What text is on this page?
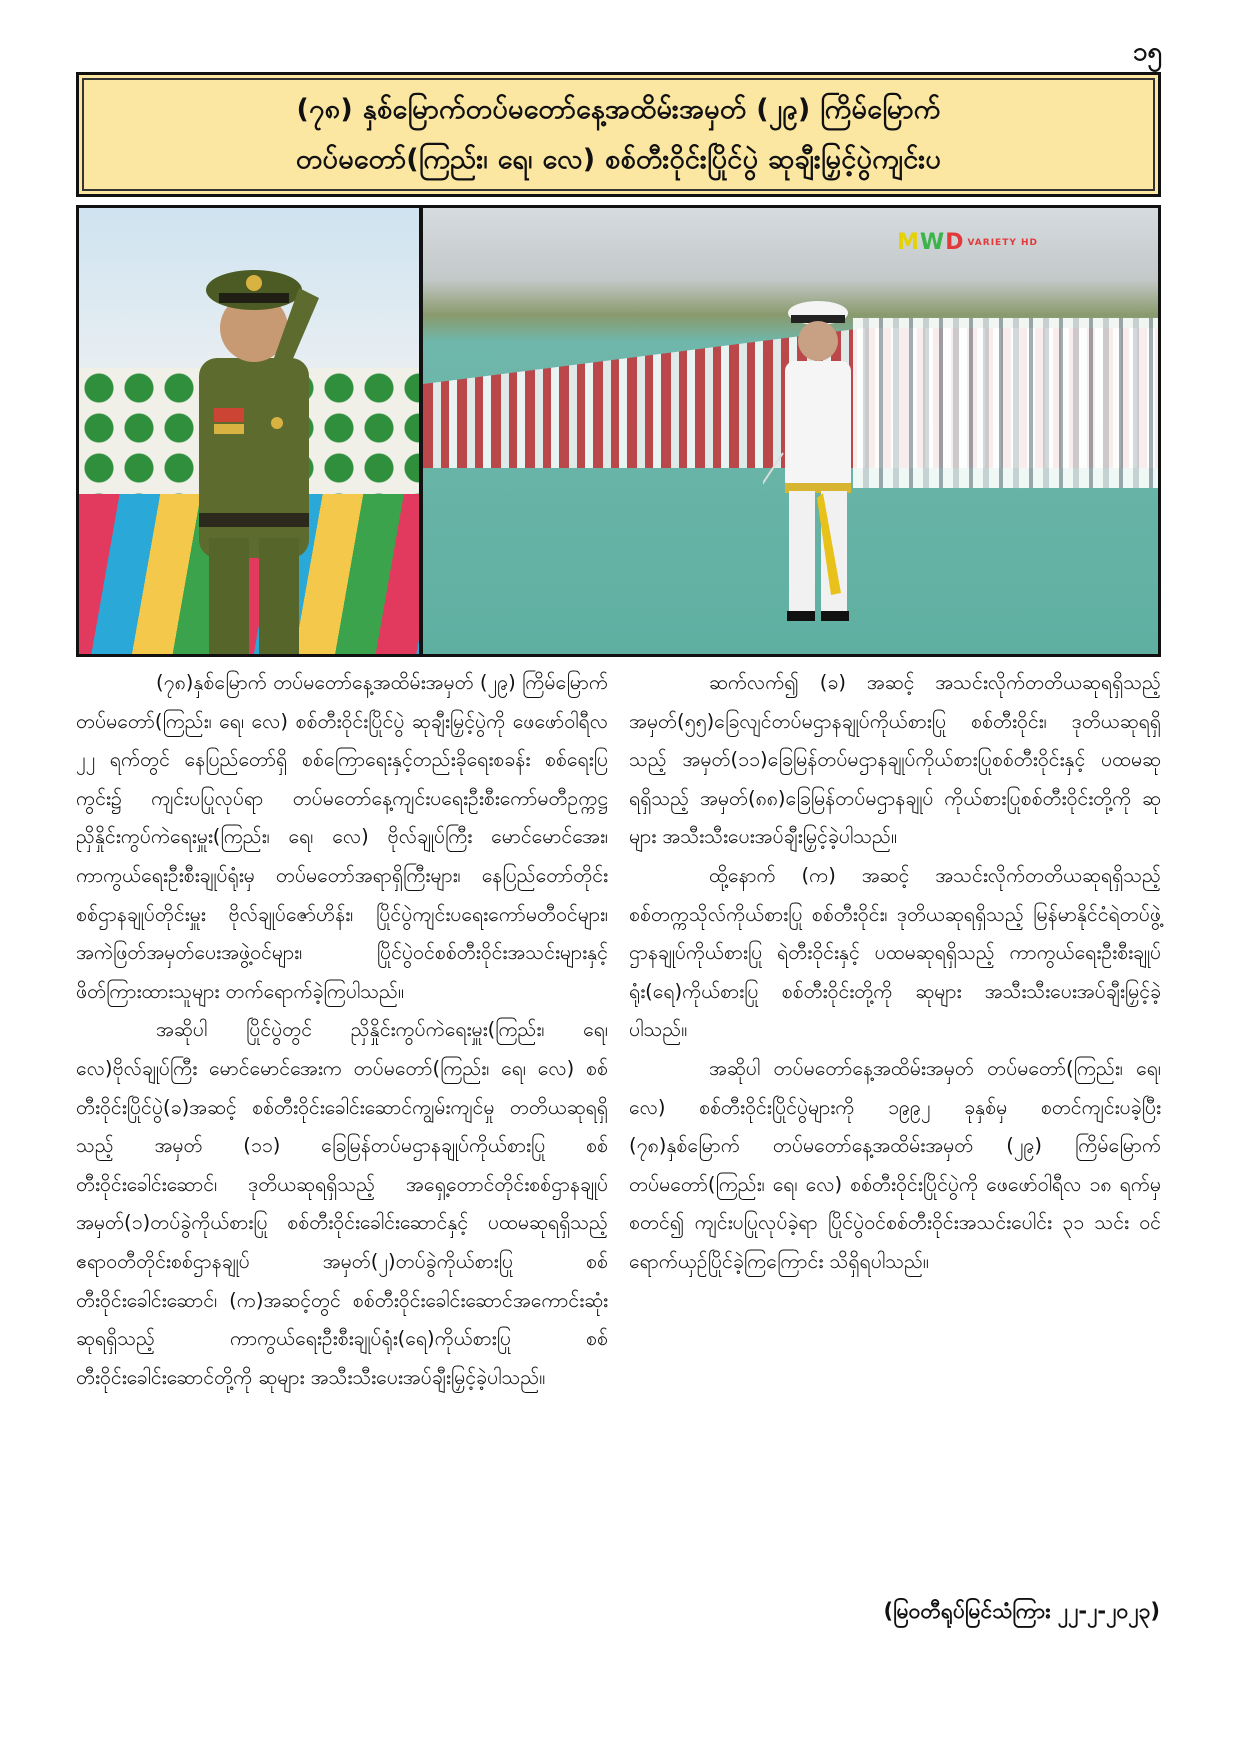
၁၅
(၇၈) နှစ်မြောက်တပ်မတော်နေ့အထိမ်းအမှတ် (၂၉) ကြိမ်မြောက်
တပ်မတော်(ကြည်း၊ ရေ၊ လေ) စစ်တီးဝိုင်းပြိုင်ပွဲ ဆုချီးမြှင့်ပွဲကျင်းပ
MWD VARIETY HD

(၇၈)နှစ်မြောက် တပ်မတော်နေ့အထိမ်းအမှတ် (၂၉) ကြိမ်မြောက် တပ်မတော်(ကြည်း၊ ရေ၊ လေ) စစ်တီးဝိုင်းပြိုင်ပွဲ ဆုချီးမြှင့်ပွဲကို ဖေဖော်ဝါရီလ ၂၂ ရက်တွင် နေပြည်တော်ရှိ စစ်ကြောရေးနှင့်တည်းခိုရေးစခန်း စစ်ရေးပြကွင်း၌ ကျင်းပပြုလုပ်ရာ တပ်မတော်နေ့ကျင်းပရေးဦးစီးကော်မတီဥက္ကဋ္ဌ ညှိနှိုင်းကွပ်ကဲရေးမှူး(ကြည်း၊ ရေ၊ လေ) ဗိုလ်ချုပ်ကြီး မောင်မောင်အေး၊ ကာကွယ်ရေးဦးစီးချုပ်ရုံးမှ တပ်မတော်အရာရှိကြီးများ၊ နေပြည်တော်တိုင်းစစ်ဌာနချုပ်တိုင်းမှူး ဗိုလ်ချုပ်ဇော်ဟိန်း၊ ပြိုင်ပွဲကျင်းပရေးကော်မတီဝင်များ၊ အကဲဖြတ်အမှတ်ပေးအဖွဲ့ဝင်များ၊ ပြိုင်ပွဲဝင်စစ်တီးဝိုင်းအသင်းများနှင့် ဖိတ်ကြားထားသူများ တက်ရောက်ခဲ့ကြပါသည်။

အဆိုပါ ပြိုင်ပွဲတွင် ညှိနှိုင်းကွပ်ကဲရေးမှူး(ကြည်း၊ ရေ၊ လေ)ဗိုလ်ချုပ်ကြီး မောင်မောင်အေးက တပ်မတော်(ကြည်း၊ ရေ၊ လေ) စစ်တီးဝိုင်းပြိုင်ပွဲ(ခ)အဆင့် စစ်တီးဝိုင်းခေါင်းဆောင်ကျွမ်းကျင်မှု တတိယဆုရရှိသည့် အမှတ် (၁၁) ခြေမြန်တပ်မဌာနချုပ်ကိုယ်စားပြု စစ်တီးဝိုင်းခေါင်းဆောင်၊ ဒုတိယဆုရရှိသည့် အရှေ့တောင်တိုင်းစစ်ဌာနချုပ် အမှတ်(၁)တပ်ခွဲကိုယ်စားပြု စစ်တီးဝိုင်းခေါင်းဆောင်နှင့် ပထမဆုရရှိသည့် ဧရာဝတီတိုင်းစစ်ဌာနချုပ် အမှတ်(၂)တပ်ခွဲကိုယ်စားပြု စစ်တီးဝိုင်းခေါင်းဆောင်၊ (က)အဆင့်တွင် စစ်တီးဝိုင်းခေါင်းဆောင်အကောင်းဆုံးဆုရရှိသည့် ကာကွယ်ရေးဦးစီးချုပ်ရုံး(ရေ)ကိုယ်စားပြု စစ်တီးဝိုင်းခေါင်းဆောင်တို့ကို ဆုများ အသီးသီးပေးအပ်ချီးမြှင့်ခဲ့ပါသည်။

ဆက်လက်၍ (ခ) အဆင့် အသင်းလိုက်တတိယဆုရရှိသည့် အမှတ်(၅၅)ခြေလျင်တပ်မဌာနချုပ်ကိုယ်စားပြု စစ်တီးဝိုင်း၊ ဒုတိယဆုရရှိသည့် အမှတ်(၁၁)ခြေမြန်တပ်မဌာနချုပ်ကိုယ်စားပြုစစ်တီးဝိုင်းနှင့် ပထမဆုရရှိသည့် အမှတ်(၈၈)ခြေမြန်တပ်မဌာနချုပ် ကိုယ်စားပြုစစ်တီးဝိုင်းတို့ကို ဆုများ အသီးသီးပေးအပ်ချီးမြှင့်ခဲ့ပါသည်။

ထို့နောက် (က) အဆင့် အသင်းလိုက်တတိယဆုရရှိသည့် စစ်တက္ကသိုလ်ကိုယ်စားပြု စစ်တီးဝိုင်း၊ ဒုတိယဆုရရှိသည့် မြန်မာနိုင်ငံရဲတပ်ဖွဲ့ဌာနချုပ်ကိုယ်စားပြု ရဲတီးဝိုင်းနှင့် ပထမဆုရရှိသည့် ကာကွယ်ရေးဦးစီးချုပ်ရုံး(ရေ)ကိုယ်စားပြု စစ်တီးဝိုင်းတို့ကို ဆုများ အသီးသီးပေးအပ်ချီးမြှင့်ခဲ့ပါသည်။

အဆိုပါ တပ်မတော်နေ့အထိမ်းအမှတ် တပ်မတော်(ကြည်း၊ ရေ၊ လေ) စစ်တီးဝိုင်းပြိုင်ပွဲများကို ၁၉၉၂ ခုနှစ်မှ စတင်ကျင်းပခဲ့ပြီး (၇၈)နှစ်မြောက် တပ်မတော်နေ့အထိမ်းအမှတ် (၂၉) ကြိမ်မြောက် တပ်မတော်(ကြည်း၊ ရေ၊ လေ) စစ်တီးဝိုင်းပြိုင်ပွဲကို ဖေဖော်ဝါရီလ ၁၈ ရက်မှစတင်၍ ကျင်းပပြုလုပ်ခဲ့ရာ ပြိုင်ပွဲဝင်စစ်တီးဝိုင်းအသင်းပေါင်း ၃၁ သင်း ဝင်ရောက်ယှဉ်ပြိုင်ခဲ့ကြကြောင်း သိရှိရပါသည်။

(မြဝတီရုပ်မြင်သံကြား ၂၂-၂-၂၀၂၃)
